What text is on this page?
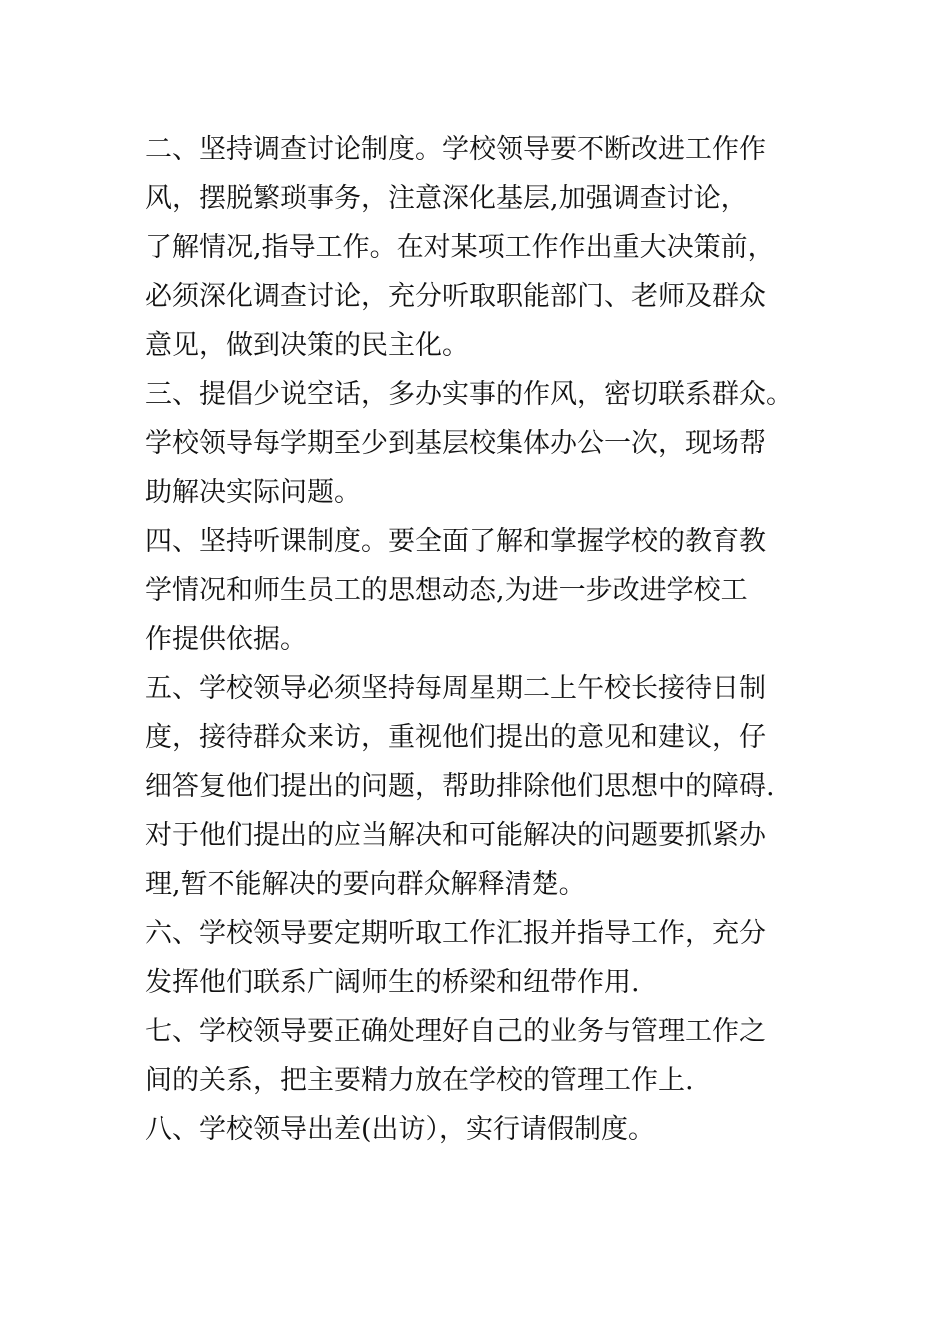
二、坚持调查讨论制度。学校领导要不断改进工作作
风，摆脱繁琐事务，注意深化基层,加强调查讨论，
了解情况,指导工作。在对某项工作作出重大决策前，
必须深化调查讨论，充分听取职能部门、老师及群众
意见，做到决策的民主化。
三、提倡少说空话，多办实事的作风，密切联系群众。
学校领导每学期至少到基层校集体办公一次，现场帮
助解决实际问题。
四、坚持听课制度。要全面了解和掌握学校的教育教
学情况和师生员工的思想动态,为进一步改进学校工
作提供依据。
五、学校领导必须坚持每周星期二上午校长接待日制
度，接待群众来访，重视他们提出的意见和建议，仔
细答复他们提出的问题，帮助排除他们思想中的障碍.
对于他们提出的应当解决和可能解决的问题要抓紧办
理,暂不能解决的要向群众解释清楚。
六、学校领导要定期听取工作汇报并指导工作，充分
发挥他们联系广阔师生的桥梁和纽带作用.
七、学校领导要正确处理好自己的业务与管理工作之
间的关系，把主要精力放在学校的管理工作上.
八、学校领导出差(出访），实行请假制度。
